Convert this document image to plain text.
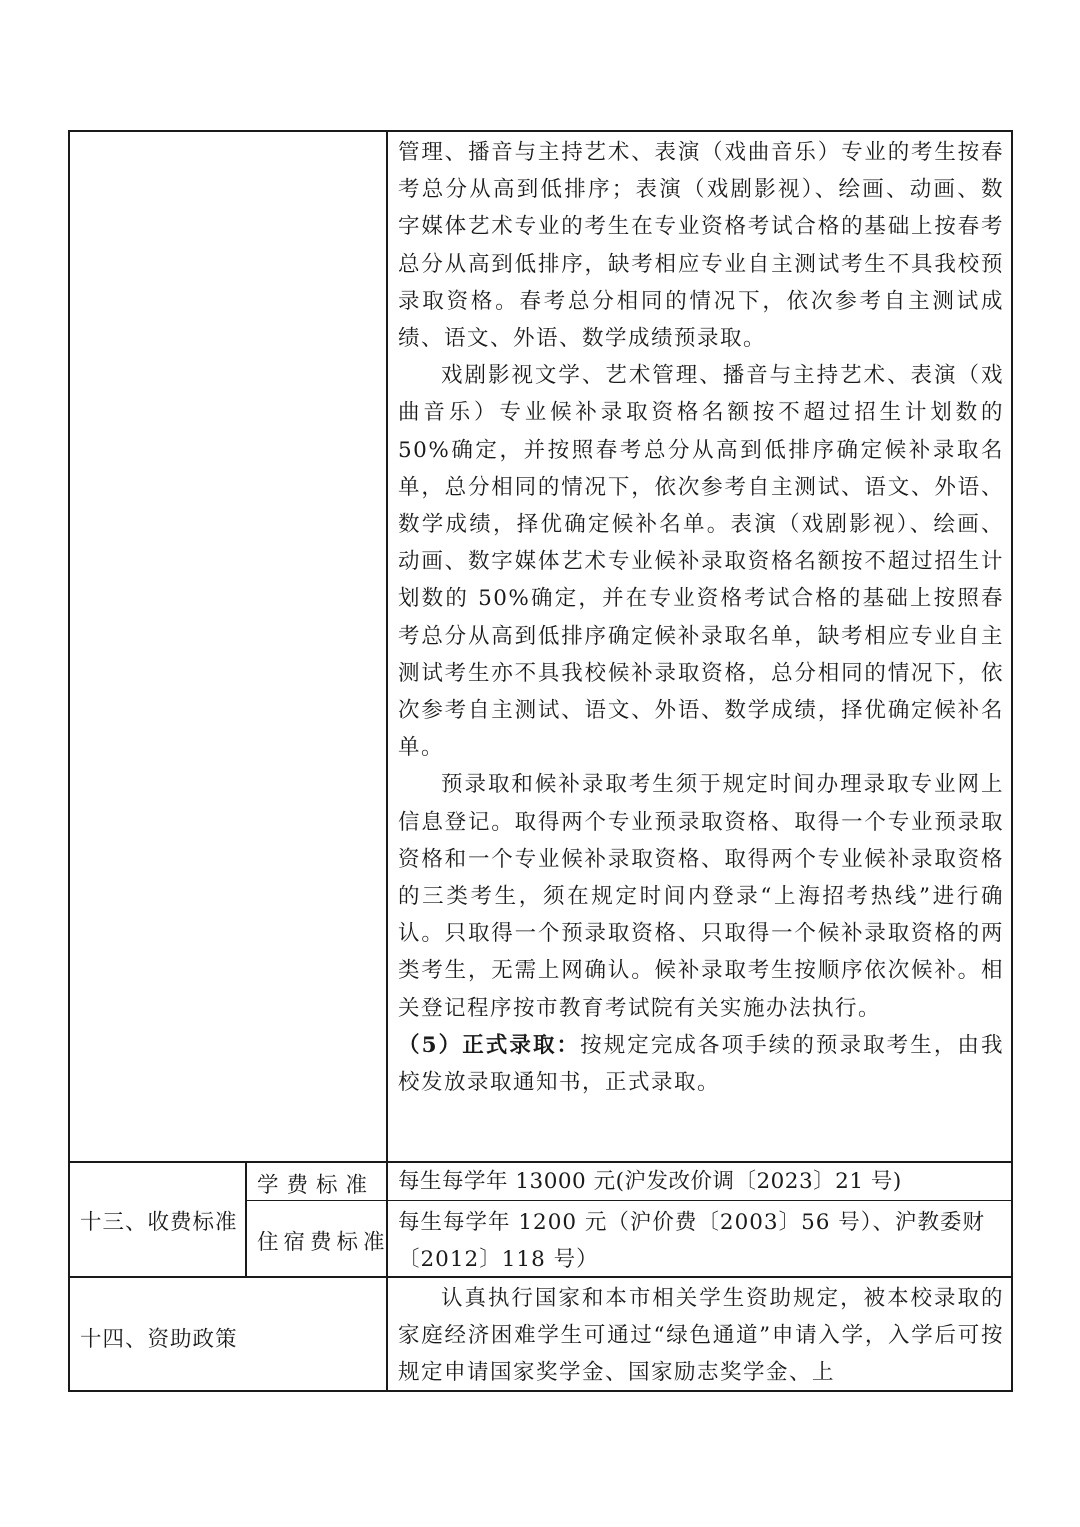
管理、播音与主持艺术、表演（戏曲音乐）专业的考生按春考总分从高到低排序；表演（戏剧影视）、绘画、动画、数字媒体艺术专业的考生在专业资格考试合格的基础上按春考总分从高到低排序，缺考相应专业自主测试考生不具我校预录取资格。春考总分相同的情况下，依次参考自主测试成绩、语文、外语、数学成绩预录取。

戏剧影视文学、艺术管理、播音与主持艺术、表演（戏曲音乐）专业候补录取资格名额按不超过招生计划数的 50%确定，并按照春考总分从高到低排序确定候补录取名单，总分相同的情况下，依次参考自主测试、语文、外语、数学成绩，择优确定候补名单。表演（戏剧影视）、绘画、动画、数字媒体艺术专业候补录取资格名额按不超过招生计划数的 50%确定，并在专业资格考试合格的基础上按照春考总分从高到低排序确定候补录取名单，缺考相应专业自主测试考生亦不具我校候补录取资格，总分相同的情况下，依次参考自主测试、语文、外语、数学成绩，择优确定候补名单。

预录取和候补录取考生须于规定时间办理录取专业网上信息登记。取得两个专业预录取资格、取得一个专业预录取资格和一个专业候补录取资格、取得两个专业候补录取资格的三类考生，须在规定时间内登录“上海招考热线”进行确认。只取得一个预录取资格、只取得一个候补录取资格的两类考生，无需上网确认。候补录取考生按顺序依次候补。相关登记程序按市教育考试院有关实施办法执行。

（5）正式录取：按规定完成各项手续的预录取考生，由我校发放录取通知书，正式录取。

十三、收费标准
学费标准 每生每学年 13000 元(沪发改价调〔2023〕21 号)
住宿费标准
每生每学年 1200 元（沪价费〔2003〕56 号）、沪教委财〔2012〕118 号）
十四、资助政策
认真执行国家和本市相关学生资助规定，被本校录取的家庭经济困难学生可通过“绿色通道”申请入学，入学后可按规定申请国家奖学金、国家励志奖学金、上
